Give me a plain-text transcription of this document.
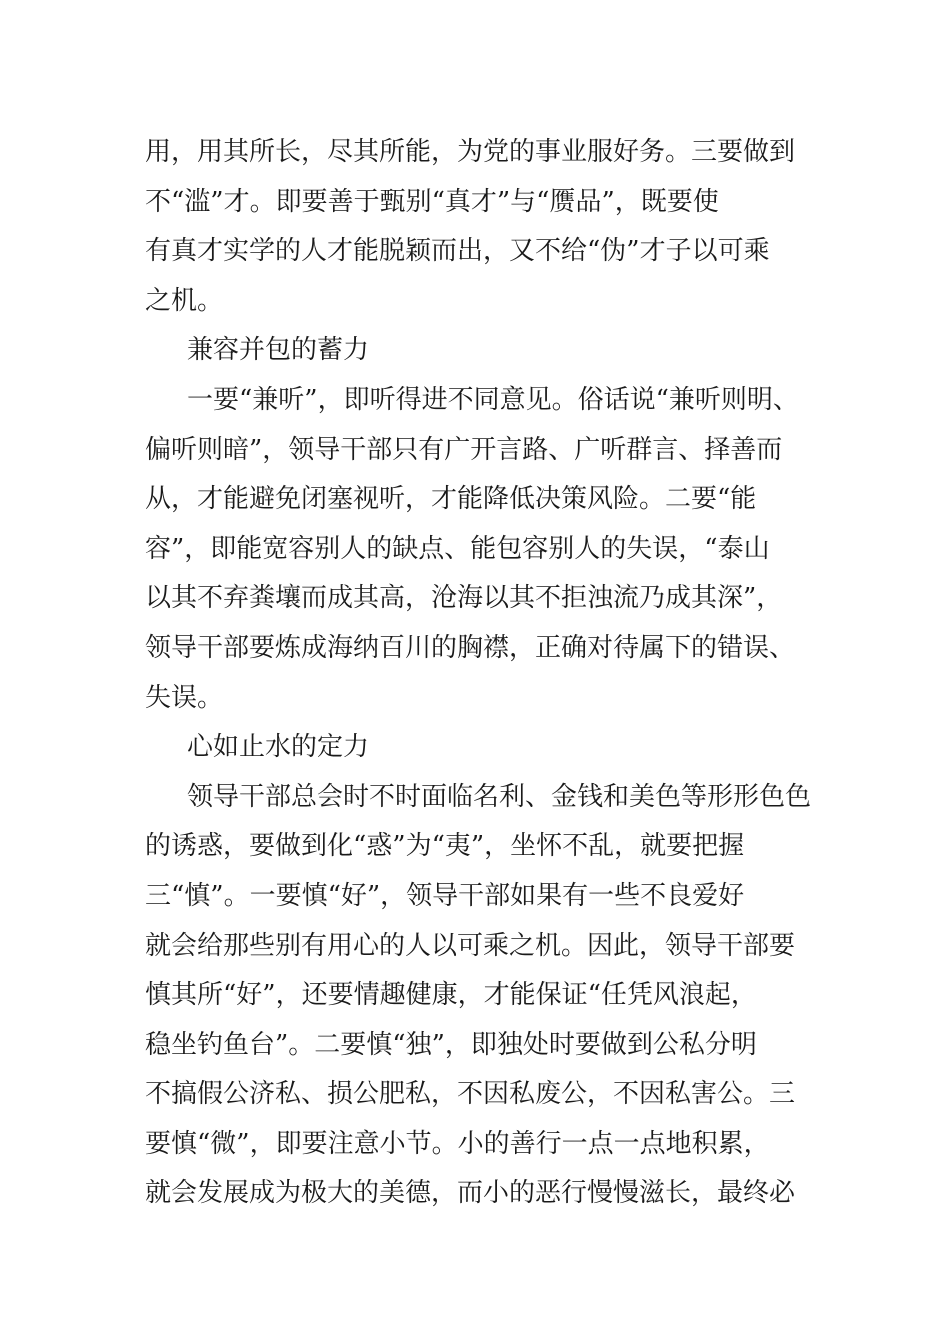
用，用其所长，尽其所能，为党的事业服好务。三要做到
不“滥”才。即要善于甄别“真才”与“赝品”，既要使
有真才实学的人才能脱颖而出，又不给“伪”才子以可乘
之机。
兼容并包的蓄力
一要“兼听”，即听得进不同意见。俗话说“兼听则明、
偏听则暗”，领导干部只有广开言路、广听群言、择善而
从，才能避免闭塞视听，才能降低决策风险。二要“能
容”，即能宽容别人的缺点、能包容别人的失误，“泰山
以其不弃粪壤而成其高，沧海以其不拒浊流乃成其深”，
领导干部要炼成海纳百川的胸襟，正确对待属下的错误、
失误。
心如止水的定力
领导干部总会时不时面临名利、金钱和美色等形形色色
的诱惑，要做到化“惑”为“夷”，坐怀不乱，就要把握
三“慎”。一要慎“好”，领导干部如果有一些不良爱好
就会给那些别有用心的人以可乘之机。因此，领导干部要
慎其所“好”，还要情趣健康，才能保证“任凭风浪起，
稳坐钓鱼台”。二要慎“独”，即独处时要做到公私分明
不搞假公济私、损公肥私，不因私废公，不因私害公。三
要慎“微”，即要注意小节。小的善行一点一点地积累，
就会发展成为极大的美德，而小的恶行慢慢滋长，最终必
